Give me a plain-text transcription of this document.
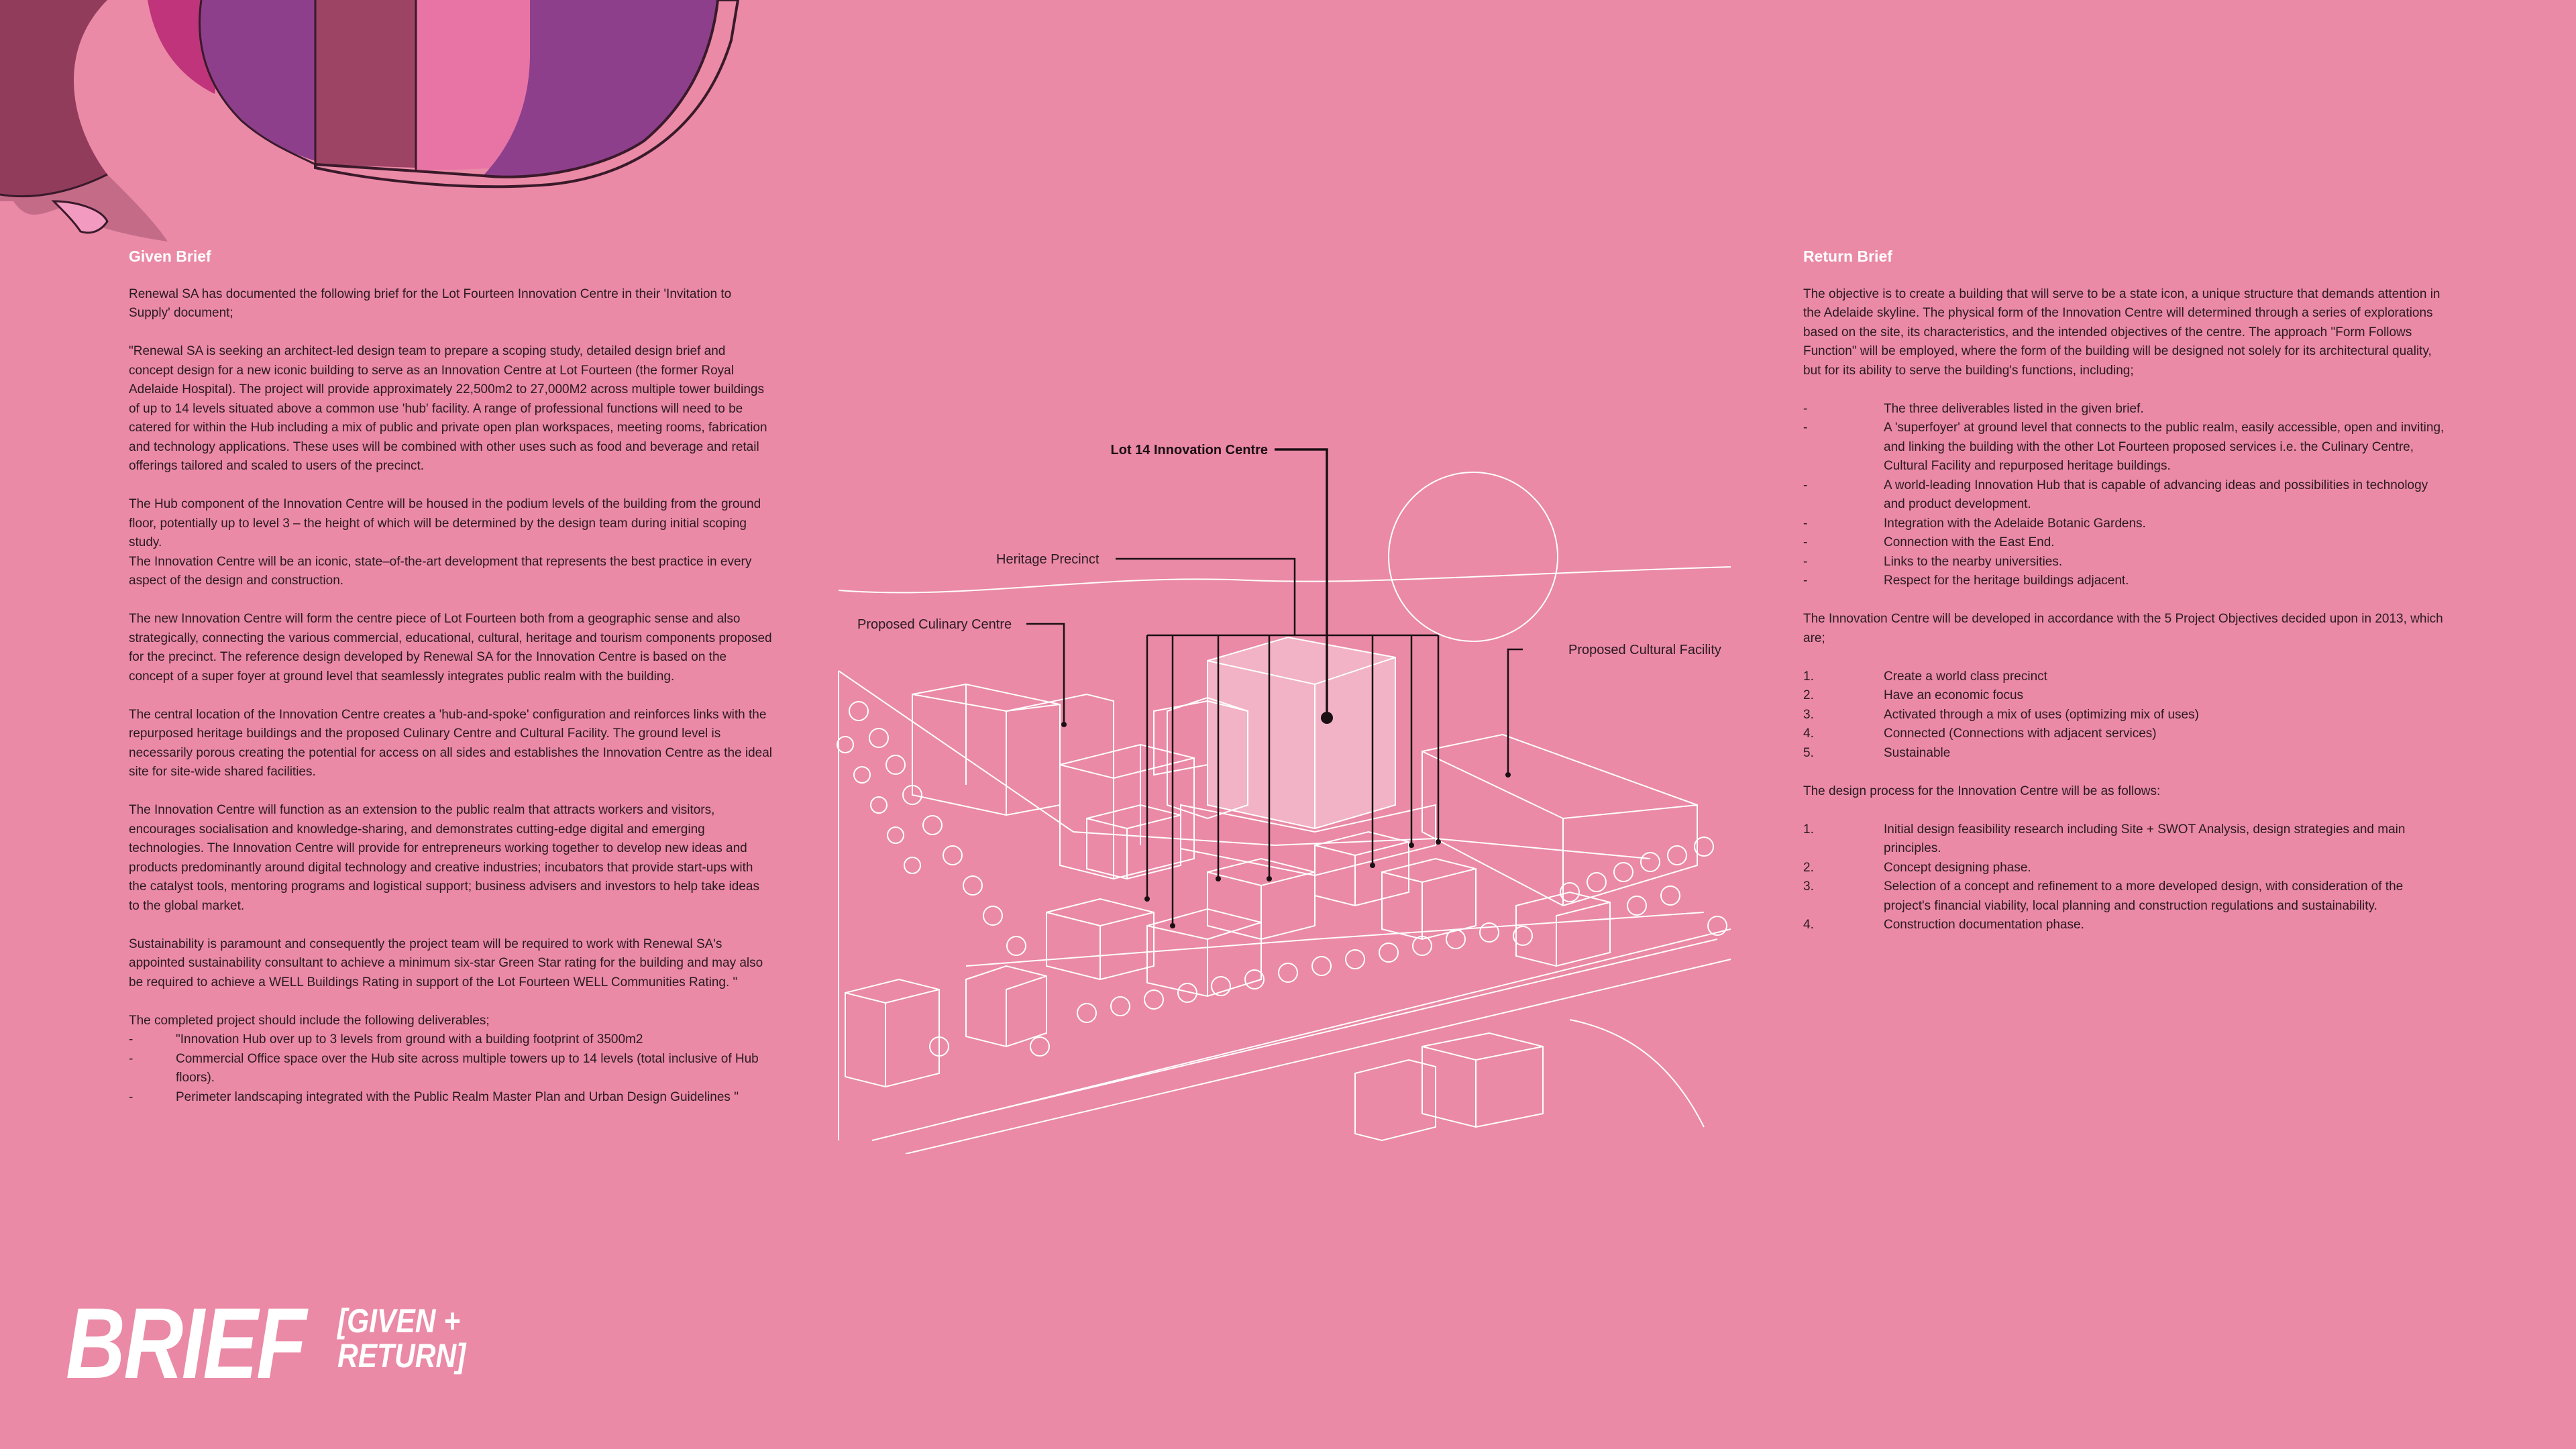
Given Brief

Renewal SA has documented the following brief for the Lot Fourteen Innovation Centre in their 'Invitation to Supply' document;

"Renewal SA is seeking an architect-led design team to prepare a scoping study, detailed design brief and concept design for a new iconic building to serve as an Innovation Centre at Lot Fourteen (the former Royal Adelaide Hospital). The project will provide approximately 22,500m2 to 27,000M2 across multiple tower buildings of up to 14 levels situated above a common use 'hub' facility. A range of professional functions will need to be catered for within the Hub including a mix of public and private open plan workspaces, meeting rooms, fabrication and technology applications. These uses will be combined with other uses such as food and beverage and retail offerings tailored and scaled to users of the precinct.

The Hub component of the Innovation Centre will be housed in the podium levels of the building from the ground floor, potentially up to level 3 – the height of which will be determined by the design team during initial scoping study.
The Innovation Centre will be an iconic, state–of-the-art development that represents the best practice in every aspect of the design and construction.

The new Innovation Centre will form the centre piece of Lot Fourteen both from a geographic sense and also strategically, connecting the various commercial, educational, cultural, heritage and tourism components proposed for the precinct. The reference design developed by Renewal SA for the Innovation Centre is based on the concept of a super foyer at ground level that seamlessly integrates public realm with the building.

The central location of the Innovation Centre creates a 'hub-and-spoke' configuration and reinforces links with the repurposed heritage buildings and the proposed Culinary Centre and Cultural Facility. The ground level is necessarily porous creating the potential for access on all sides and establishes the Innovation Centre as the ideal site for site-wide shared facilities.

The Innovation Centre will function as an extension to the public realm that attracts workers and visitors, encourages socialisation and knowledge-sharing, and demonstrates cutting-edge digital and emerging technologies. The Innovation Centre will provide for entrepreneurs working together to develop new ideas and products predominantly around digital technology and creative industries; incubators that provide start-ups with the catalyst tools, mentoring programs and logistical support; business advisers and investors to help take ideas to the global market.

Sustainability is paramount and consequently the project team will be required to work with Renewal SA's appointed sustainability consultant to achieve a minimum six-star Green Star rating for the building and may also be required to achieve a WELL Buildings Rating in support of the Lot Fourteen WELL Communities Rating. "

The completed project should include the following deliverables;

-	"Innovation Hub over up to 3 levels from ground with a building footprint of 3500m2
-	Commercial Office space over the Hub site across multiple towers up to 14 levels (total inclusive of Hub floors).
-	Perimeter landscaping integrated with the Public Realm Master Plan and Urban Design Guidelines "

Return Brief

The objective is to create a building that will serve to be a state icon, a unique structure that demands attention in the Adelaide skyline. The physical form of the Innovation Centre will determined through a series of explorations based on the site, its characteristics, and the intended objectives of the centre. The approach "Form Follows Function" will be employed, where the form of the building will be designed not solely for its architectural quality, but for its ability to serve the building's functions, including;

-	The three deliverables listed in the given brief.
-	A 'superfoyer' at ground level that connects to the public realm, easily accessible, open and inviting, and linking the building with the other Lot Fourteen proposed services i.e. the Culinary Centre, Cultural Facility and repurposed heritage buildings.
-	A world-leading Innovation Hub that is capable of advancing ideas and possibilities in technology and product development.
-	Integration with the Adelaide Botanic Gardens.
-	Connection with the East End.
-	Links to the nearby universities.
-	Respect for the heritage buildings adjacent.

The Innovation Centre will be developed in accordance with the 5 Project Objectives decided upon in 2013, which are;

1.	Create a world class precinct
2.	Have an economic focus
3.	Activated through a mix of uses (optimizing mix of uses)
4.	Connected (Connections with adjacent services)
5.	Sustainable

The design process for the Innovation Centre will be as follows:

1.	Initial design feasibility research including Site + SWOT Analysis, design strategies and main principles.
2.	Concept designing phase.
3.	Selection of a concept and refinement to a more developed design, with consideration of the project's financial viability, local planning and construction regulations and sustainability.
4.	Construction documentation phase.
Lot 14 Innovation Centre
Heritage Precinct
Proposed Culinary Centre
Proposed Cultural Facility
BRIEF [GIVEN +
RETURN]
